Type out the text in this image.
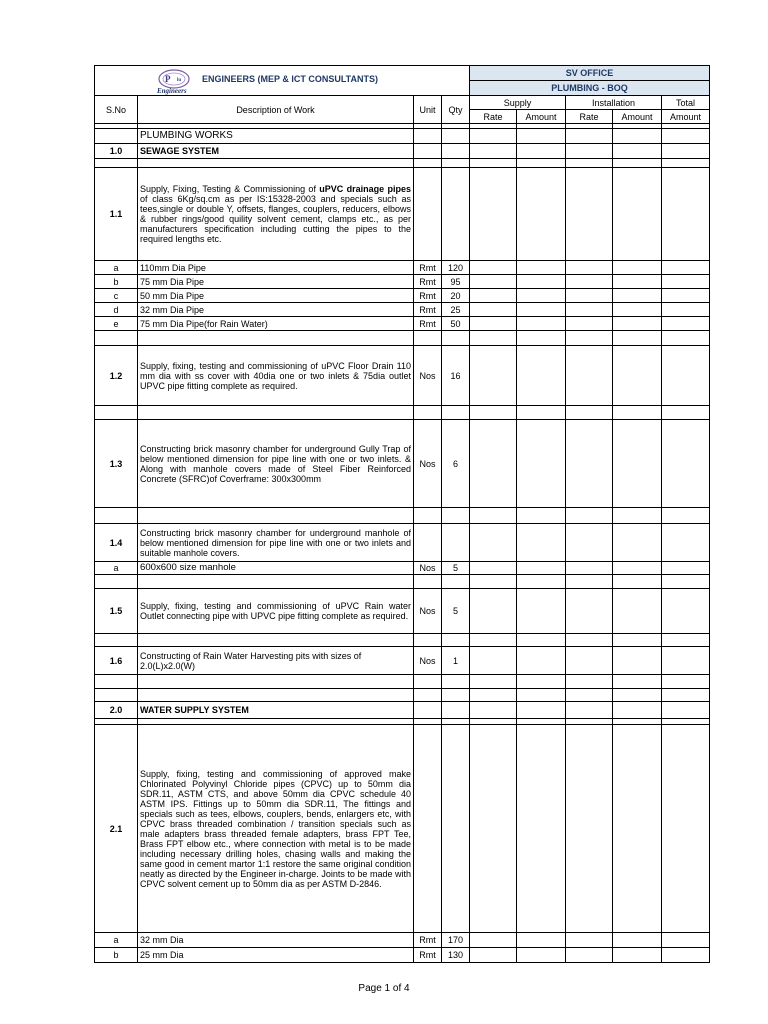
P lu
Engineers
ENGINEERS (MEP & ICT CONSULTANTS)				SV OFFICE				
				PLUMBING - BOQ				
S.No	Description of Work	Unit	Qty	Supply		Installation		Total
				Rate	Amount	Rate	Amount	Amount

	PLUMBING WORKS							
1.0	SEWAGE SYSTEM							

1.1	Supply, Fixing, Testing & Commissioning of uPVC drainage pipes of class 6Kg/sq.cm as per IS:15328-2003 and specials such as tees,single or double Y, offsets, flanges, couplers, reducers, elbows & rubber rings/good quility solvent cement, clamps etc., as per manufacturers specification including cutting the pipes to the required lengths etc.							
a	110mm Dia Pipe	Rmt	120					
b	75 mm Dia Pipe	Rmt	95					
c	50 mm Dia Pipe	Rmt	20					
d	32 mm Dia Pipe	Rmt	25					
e	75 mm Dia Pipe(for Rain Water)	Rmt	50					

1.2	Supply, fixing, testing and commissioning of uPVC Floor Drain 110 mm dia with ss cover with 40dia one or two inlets & 75dia outlet UPVC pipe fitting complete as required.	Nos	16					

1.3	Constructing brick masonry chamber for underground Gully Trap of below mentioned dimension for pipe line with one or two inlets. & Along with manhole covers made of Steel Fiber Reinforced Concrete (SFRC)of Coverframe: 300x300mm	Nos	6					

1.4	Constructing brick masonry chamber for underground manhole of below mentioned dimension for pipe line with one or two inlets and suitable manhole covers.							
a	600x600 size manhole	Nos	5					

1.5	Supply, fixing, testing and commissioning of uPVC Rain water Outlet connecting pipe with UPVC pipe fitting complete as required.	Nos	5					

1.6	Constructing of Rain Water Harvesting pits with sizes of 2.0(L)x2.0(W)	Nos	1					

2.0	WATER SUPPLY SYSTEM							

2.1	Supply, fixing, testing and commissioning of approved make Chlorinated Polyvinyl Chloride pipes (CPVC) up to 50mm dia SDR.11, ASTM CTS, and above 50mm dia CPVC schedule 40 ASTM IPS. Fittings up to 50mm dia SDR.11, The fittings and specials such as tees, elbows, couplers, bends, enlargers etc, with CPVC brass threaded combination / transition specials such as male adapters brass threaded female adapters, brass FPT Tee, Brass FPT elbow etc., where connection with metal is to be made including necessary drilling holes, chasing walls and making the same good in cement martor 1:1 restore the same original condition neatly as directed by the Engineer in-charge. Joints to be made with CPVC solvent cement up to 50mm dia as per ASTM D-2846.							
a	32 mm Dia	Rmt	170					
b	25 mm Dia	Rmt	130					
Page 1 of 4
